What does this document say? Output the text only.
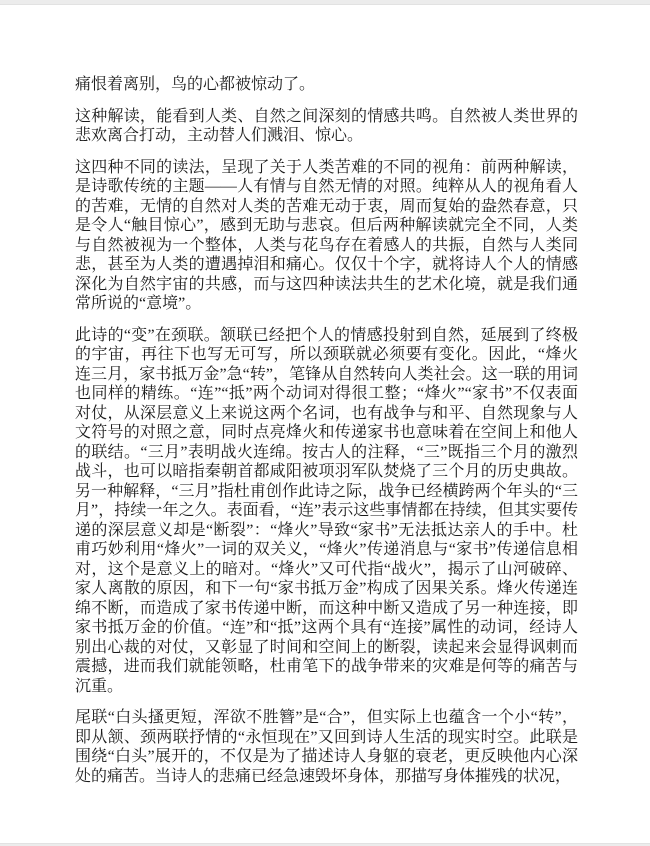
痛恨着离别，鸟的心都被惊动了。

这种解读，能看到人类、自然之间深刻的情感共鸣。自然被人类世界的悲欢离合打动，主动替人们溅泪、惊心。

这四种不同的读法，呈现了关于人类苦难的不同的视角：前两种解读，是诗歌传统的主题——人有情与自然无情的对照。纯粹从人的视角看人的苦难，无情的自然对人类的苦难无动于衷，周而复始的盎然春意，只是令人“触目惊心”，感到无助与悲哀。但后两种解读就完全不同，人类与自然被视为一个整体，人类与花鸟存在着感人的共振，自然与人类同悲，甚至为人类的遭遇掉泪和痛心。仅仅十个字，就将诗人个人的情感深化为自然宇宙的共感，而与这四种读法共生的艺术化境，就是我们通常所说的“意境”。

此诗的“变”在颈联。颔联已经把个人的情感投射到自然，延展到了终极的宇宙，再往下也写无可写，所以颈联就必须要有变化。因此，“烽火连三月，家书抵万金”急“转”，笔锋从自然转向人类社会。这一联的用词也同样的精练。“连”“抵”两个动词对得很工整；“烽火”“家书”不仅表面对仗，从深层意义上来说这两个名词，也有战争与和平、自然现象与人文符号的对照之意，同时点亮烽火和传递家书也意味着在空间上和他人的联结。“三月”表明战火连绵。按古人的注释，“三”既指三个月的激烈战斗，也可以暗指秦朝首都咸阳被项羽军队焚烧了三个月的历史典故。另一种解释，“三月”指杜甫创作此诗之际，战争已经横跨两个年头的“三月”，持续一年之久。表面看，“连”表示这些事情都在持续，但其实要传递的深层意义却是“断裂”：“烽火”导致“家书”无法抵达亲人的手中。杜甫巧妙利用“烽火”一词的双关义，“烽火”传递消息与“家书”传递信息相对，这个是意义上的暗对。“烽火”又可代指“战火”，揭示了山河破碎、家人离散的原因，和下一句“家书抵万金”构成了因果关系。烽火传递连绵不断，而造成了家书传递中断，而这种中断又造成了另一种连接，即家书抵万金的价值。“连”和“抵”这两个具有“连接”属性的动词，经诗人别出心裁的对仗，又彰显了时间和空间上的断裂，读起来会显得讽刺而震撼，进而我们就能领略，杜甫笔下的战争带来的灾难是何等的痛苦与沉重。

尾联“白头搔更短，浑欲不胜簪”是“合”，但实际上也蕴含一个小“转”，即从颔、颈两联抒情的“永恒现在”又回到诗人生活的现实时空。此联是围绕“白头”展开的，不仅是为了描述诗人身躯的衰老，更反映他内心深处的痛苦。当诗人的悲痛已经急速毁坏身体，那描写身体摧残的状况，
